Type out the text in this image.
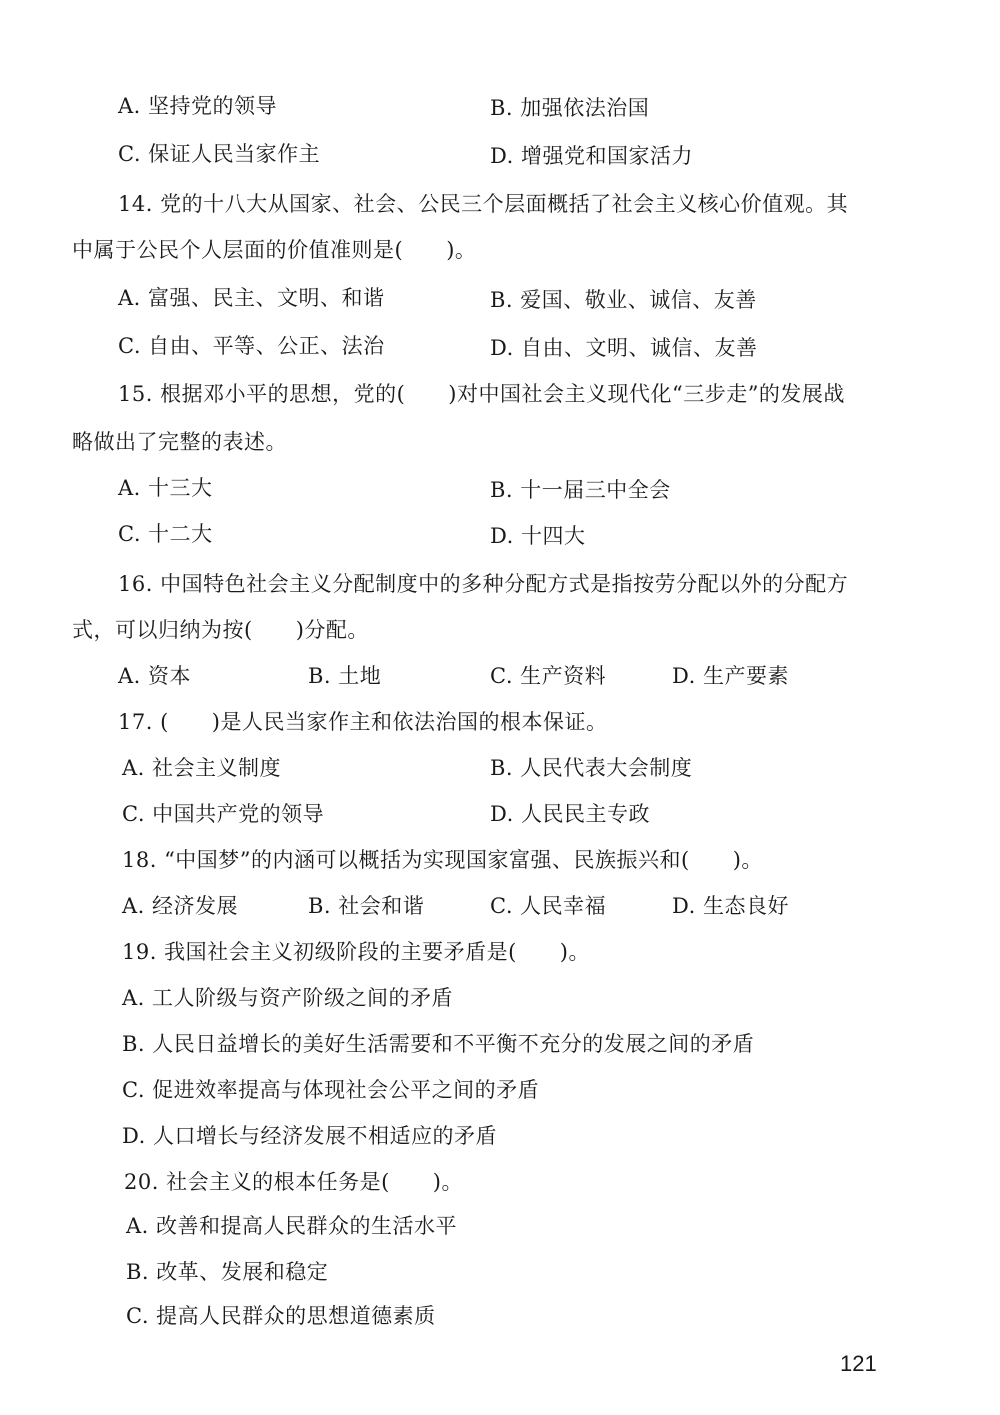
A. 坚持党的领导	B. 加强依法治国
C. 保证人民当家作主	D. 增强党和国家活力
14. 党的十八大从国家、社会、公民三个层面概括了社会主义核心价值观。其
中属于公民个人层面的价值准则是(　　)。
A. 富强、民主、文明、和谐	B. 爱国、敬业、诚信、友善
C. 自由、平等、公正、法治	D. 自由、文明、诚信、友善
15. 根据邓小平的思想，党的(　　)对中国社会主义现代化“三步走”的发展战
略做出了完整的表述。
A. 十三大	B. 十一届三中全会
C. 十二大	D. 十四大
16. 中国特色社会主义分配制度中的多种分配方式是指按劳分配以外的分配方
式，可以归纳为按(　　)分配。
A. 资本	B. 土地	C. 生产资料	D. 生产要素
17. (　　)是人民当家作主和依法治国的根本保证。
A. 社会主义制度	B. 人民代表大会制度
C. 中国共产党的领导	D. 人民民主专政
18. “中国梦”的内涵可以概括为实现国家富强、民族振兴和(　　)。
A. 经济发展	B. 社会和谐	C. 人民幸福	D. 生态良好
19. 我国社会主义初级阶段的主要矛盾是(　　)。
A. 工人阶级与资产阶级之间的矛盾
B. 人民日益增长的美好生活需要和不平衡不充分的发展之间的矛盾
C. 促进效率提高与体现社会公平之间的矛盾
D. 人口增长与经济发展不相适应的矛盾
20. 社会主义的根本任务是(　　)。
A. 改善和提高人民群众的生活水平
B. 改革、发展和稳定
C. 提高人民群众的思想道德素质
121
